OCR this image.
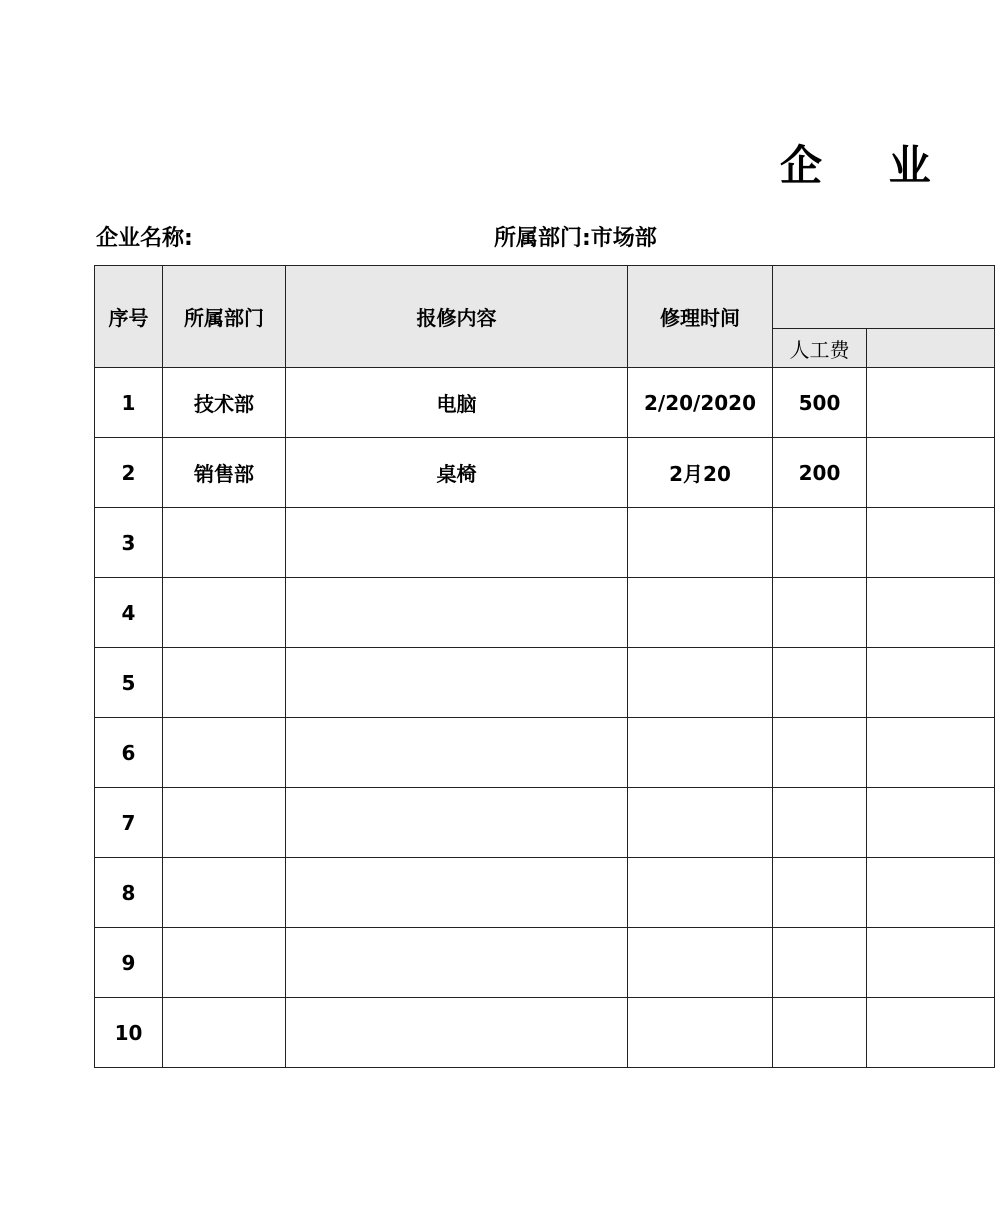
企 业
企业名称:	所属部门:市场部
序号	所属部门	报修内容	修理时间		
				人工费	
1	技术部	电脑	2/20/2020	500	
2	销售部	桌椅	2月20	200	
3					
4					
5					
6					
7					
8					
9					
10					
